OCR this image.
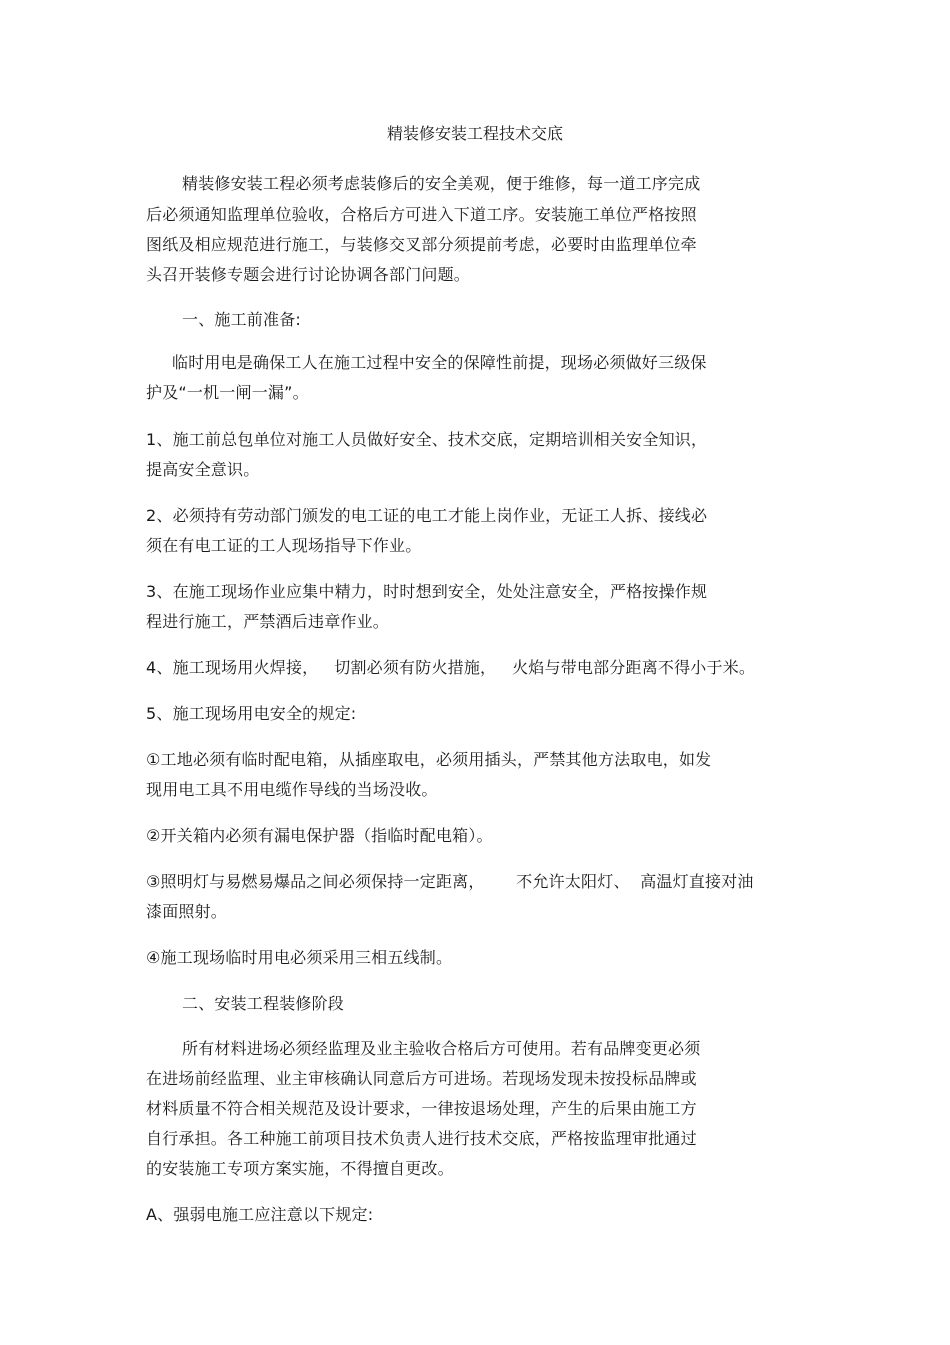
精装修安装工程技术交底
精装修安装工程必须考虑装修后的安全美观，便于维修，每一道工序完成
后必须通知监理单位验收，合格后方可进入下道工序。安装施工单位严格按照
图纸及相应规范进行施工，与装修交叉部分须提前考虑，必要时由监理单位牵
头召开装修专题会进行讨论协调各部门问题。
一、施工前准备:
临时用电是确保工人在施工过程中安全的保障性前提，现场必须做好三级保
护及“一机一闸一漏”。
1、施工前总包单位对施工人员做好安全、技术交底，定期培训相关安全知识，
提高安全意识。
2、必须持有劳动部门颁发的电工证的电工才能上岗作业，无证工人拆、接线必
须在有电工证的工人现场指导下作业。
3、在施工现场作业应集中精力，时时想到安全，处处注意安全，严格按操作规
程进行施工，严禁酒后违章作业。
4、施工现场用火焊接，   切割必须有防火措施，   火焰与带电部分距离不得小于米。
5、施工现场用电安全的规定:
①工地必须有临时配电箱，从插座取电，必须用插头，严禁其他方法取电，如发
现用电工具不用电缆作导线的当场没收。
②开关箱内必须有漏电保护器（指临时配电箱）。
③照明灯与易燃易爆品之间必须保持一定距离，      不允许太阳灯、  高温灯直接对油
漆面照射。
④施工现场临时用电必须采用三相五线制。
二、安装工程装修阶段
所有材料进场必须经监理及业主验收合格后方可使用。若有品牌变更必须
在进场前经监理、业主审核确认同意后方可进场。若现场发现未按投标品牌或
材料质量不符合相关规范及设计要求，一律按退场处理，产生的后果由施工方
自行承担。各工种施工前项目技术负责人进行技术交底，严格按监理审批通过
的安装施工专项方案实施，不得擅自更改。
A、强弱电施工应注意以下规定:
